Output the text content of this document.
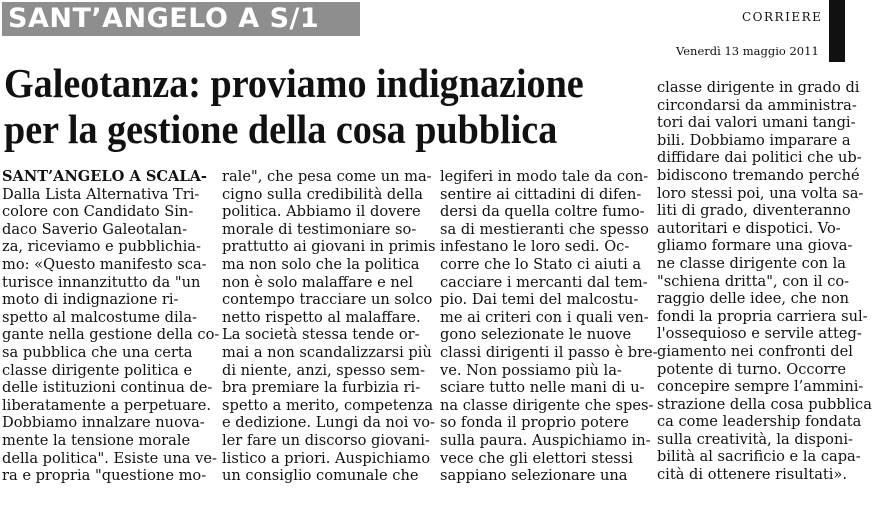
SANT’ANGELO A S/1	CORRIERE
Venerdì 13 maggio 2011
Galeotanza: proviamo indignazione
per la gestione della cosa pubblica
SANT’ANGELO A SCALA-
Dalla Lista Alternativa Tri-
colore con Candidato Sin-
daco Saverio Galeotalan-
za, riceviamo e pubblichia-
mo: «Questo manifesto sca-
turisce innanzitutto da "un
moto di indignazione ri-
spetto al malcostume dila-
gante nella gestione della co-
sa pubblica che una certa
classe dirigente politica e
delle istituzioni continua de-
liberatamente a perpetuare.
Dobbiamo innalzare nuova-
mente la tensione morale
della politica". Esiste una ve-
ra e propria "questione mo-
rale", che pesa come un ma-
cigno sulla credibilità della
politica. Abbiamo il dovere
morale di testimoniare so-
prattutto ai giovani in primis
ma non solo che la politica
non è solo malaffare e nel
contempo tracciare un solco
netto rispetto al malaffare.
La società stessa tende or-
mai a non scandalizzarsi più
di niente, anzi, spesso sem-
bra premiare la furbizia ri-
spetto a merito, competenza
e dedizione. Lungi da noi vo-
ler fare un discorso giovani-
listico a priori. Auspichiamo
un consiglio comunale che
legiferi in modo tale da con-
sentire ai cittadini di difen-
dersi da quella coltre fumo-
sa di mestieranti che spesso
infestano le loro sedi. Oc-
corre che lo Stato ci aiuti a
cacciare i mercanti dal tem-
pio. Dai temi del malcostu-
me ai criteri con i quali ven-
gono selezionate le nuove
classi dirigenti il passo è bre-
ve. Non possiamo più la-
sciare tutto nelle mani di u-
na classe dirigente che spes-
so fonda il proprio potere
sulla paura. Auspichiamo in-
vece che gli elettori stessi
sappiano selezionare una
classe dirigente in grado di
circondarsi da amministra-
tori dai valori umani tangi-
bili. Dobbiamo imparare a
diffidare dai politici che ub-
bidiscono tremando perché
loro stessi poi, una volta sa-
liti di grado, diventeranno
autoritari e dispotici. Vo-
gliamo formare una giova-
ne classe dirigente con la
"schiena dritta", con il co-
raggio delle idee, che non
fondi la propria carriera sul-
l'ossequioso e servile atteg-
giamento nei confronti del
potente di turno. Occorre
concepire sempre l’ammini-
strazione della cosa pubblica
ca come leadership fondata
sulla creatività, la disponi-
bilità al sacrificio e la capa-
cità di ottenere risultati».
